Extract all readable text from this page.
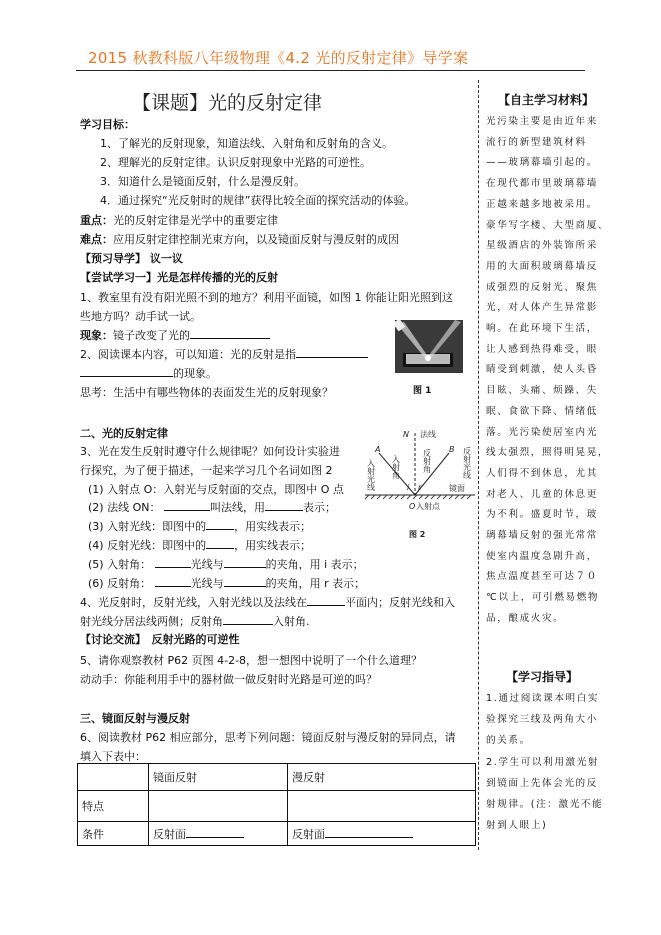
2015 秋教科版八年级物理《4.2 光的反射定律》导学案
【课题】光的反射定律
学习目标：
1、了解光的反射现象，知道法线、入射角和反射角的含义。
2、理解光的反射定律。认识反射现象中光路的可逆性。
3．知道什么是镜面反射，什么是漫反射。
4．通过探究“光反射时的规律”获得比较全面的探究活动的体验。
重点：光的反射定律是光学中的重要定律
难点：应用反射定律控制光束方向，以及镜面反射与漫反射的成因
【预习导学】 议一议
【尝试学习一】光是怎样传播的光的反射
1、教室里有没有阳光照不到的地方？利用平面镜，如图 1 你能让阳光照到这
些地方吗？动手试一试。
现象：镜子改变了光的
2、阅读课本内容，可以知道：光的反射是指
的现象。
思考：生活中有哪些物体的表面发生光的反射现象？	图 1
二、光的反射定律
3、光在发生反射时遵守什么规律呢？如何设计实验进
行探究，为了便于描述，一起来学习几个名词如图 2
(1) 入射点 O：入射光与反射面的交点，即图中 O 点
(2) 法线 ON：	叫法线，用	表示；
(3) 入射光线：即图中的	，用实线表示；
(4) 反射光线：即图中的	，用实线表示；
(5) 入射角：	光线与	的夹角，用 i 表示；
(6) 反射角：	光线与	的夹角，用 r 表示；
4、光反射时，反射光线，入射光线以及法线在	平面内；反射光线和入
射光线分居法线两侧；反射角	入射角.
N 法线
A	B
入射光线	反射光线
入射角	反射角
i r	镜面
O 入射点
图 2
【讨论交流】　反射光路的可逆性
5、请你观察教材 P62 页图 4-2-8，想一想图中说明了一个什么道理？
动动手：你能利用手中的器材做一做反射时光路是可逆的吗？
三、镜面反射与漫反射
6、阅读教材 P62 相应部分，思考下列问题：镜面反射与漫反射的异同点，请
填入下表中：
	镜面反射	漫反射
特点		
条件	反射面	反射面
【自主学习材料】
光污染主要是由近年来
流行的新型建筑材料
——玻璃幕墙引起的。
在现代都市里玻璃幕墙
正越来越多地被采用。
豪华写字楼、大型商厦、
星级酒店的外装饰所采
用的大面积玻璃幕墙反
成强烈的反射光、聚焦
光，对人体产生异常影
响。在此环境下生活，
让人感到热得难受，眼
睛受到刺激，使人头昏
目眩、头痛、烦躁、失
眠、食欲下降、情绪低
落。光污染使居室内光
线太强烈，照得明晃晃，
人们得不到休息，尤其
对老人、儿童的休息更
为不利。盛夏时节，玻
璃幕墙反射的强光常常
使室内温度急剧升高，
焦点温度甚至可达７０
℃以上，可引燃易燃物
品，酿成火灾。
【学习指导】
1.通过阅读课本明白实
验探究三线及两角大小
的关系。
2.学生可以利用激光射
到镜面上先体会光的反
射规律。(注：激光不能
射到人眼上)
